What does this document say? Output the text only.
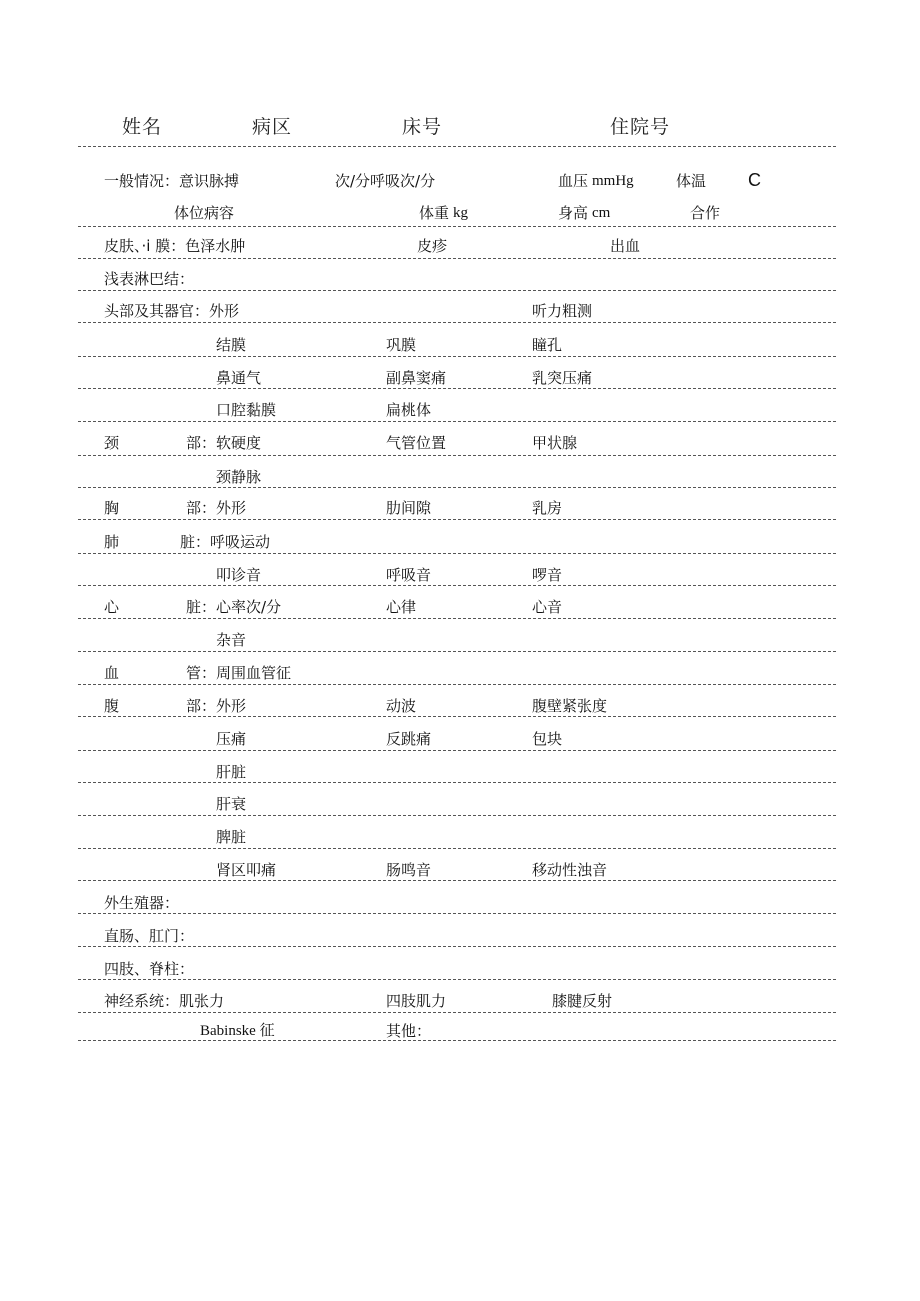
姓名	病区	床号	住院号
一般情况：意识脉搏	次/分呼吸次/分	血压 mmHg	体温 C
体位病容	体重 kg	身高 cm	合作
皮肤、·i 膜：色泽水肿	皮疹	出血
浅表淋巴结：
头部及其器官：外形	听力粗测
结膜	巩膜	瞳孔
鼻通气	副鼻窦痛	乳突压痛
口腔黏膜	扁桃体
颈	部：软硬度	气管位置	甲状腺
颈静脉
胸	部：外形	肋间隙	乳房
肺	脏：呼吸运动
叩诊音	呼吸音	啰音
心	脏：心率次/分	心律	心音
杂音
血	管：周围血管征
腹	部：外形	动波	腹壁紧张度
压痛	反跳痛	包块
肝脏
肝衰
脾脏
肾区叩痛	肠鸣音	移动性浊音
外生殖器：
直肠、肛门：
四肢、脊柱：
神经系统：肌张力	四肢肌力	膝腱反射
Babinske 征	其他：
